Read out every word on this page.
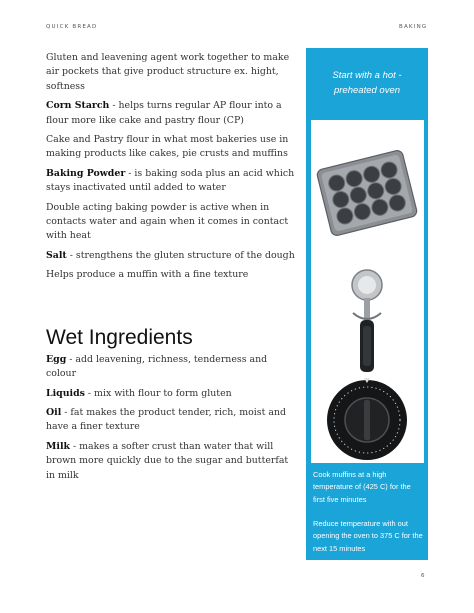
QUICK BREAD	BAKING

Gluten and leavening agent work together to make air pockets that give product structure ex. hight, softness

Corn Starch - helps turns regular AP flour into a flour more like cake and pastry flour (CP)

Cake and Pastry flour in what most bakeries use in making products like cakes, pie crusts and muffins

Baking Powder - is baking soda plus an acid which stays inactivated until added to water

Double acting baking powder is active when in contacts water and again when it comes in contact with heat

Salt - strengthens the gluten structure of the dough

Helps produce a muffin with a fine texture

Wet Ingredients

Egg - add leavening, richness, tenderness and colour

Liquids - mix with flour to form gluten

Oil - fat makes the product tender, rich, moist and have a finer texture

Milk - makes a softer crust than water that will brown more quickly due to the sugar and butterfat in milk

Start with a hot - preheated oven
Cook muffins at a high temperature of (425 C) for the first five minutes
Reduce temperature with out opening the oven to 375 C for the next 15 minutes
6
